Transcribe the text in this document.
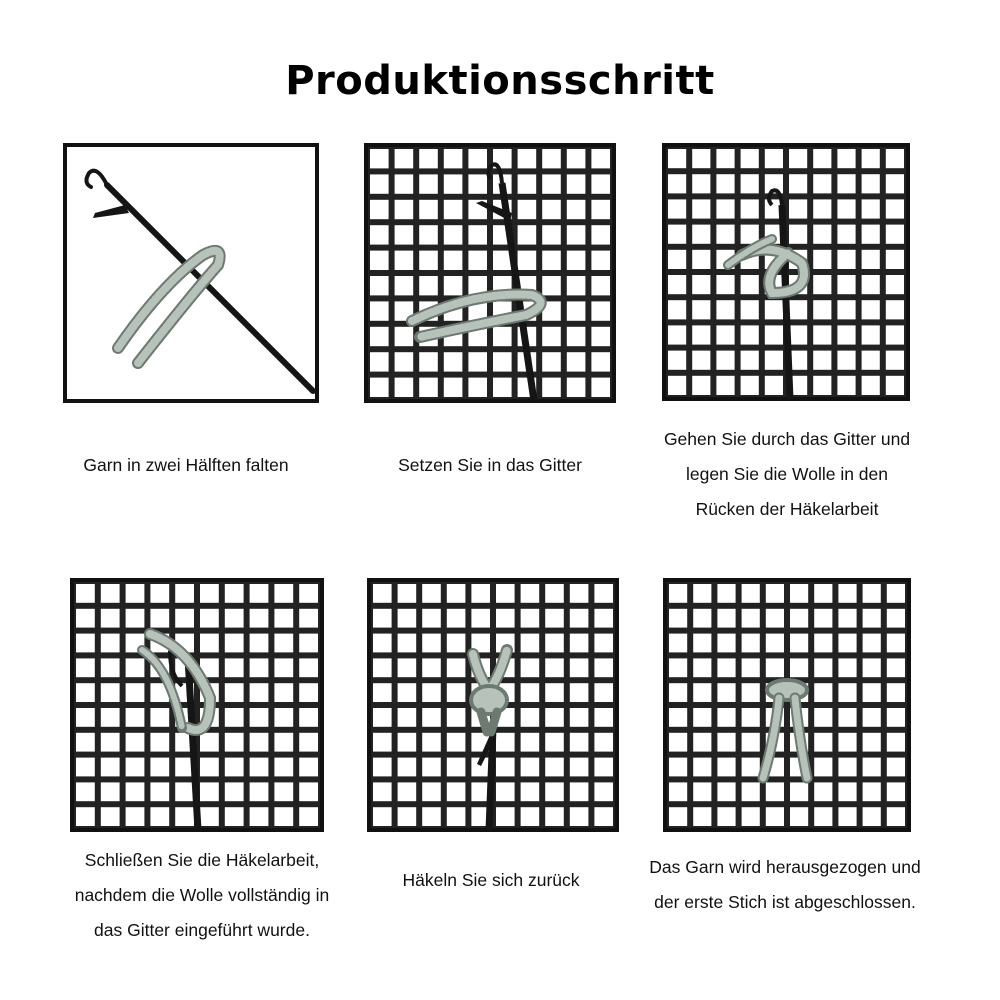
Produktionsschritt
Garn in zwei Hälften falten	Setzen Sie in das Gitter
Gehen Sie durch das Gitter und
legen Sie die Wolle in den
Rücken der Häkelarbeit
Schließen Sie die Häkelarbeit,
nachdem die Wolle vollständig in
das Gitter eingeführt wurde.
Häkeln Sie sich zurück
Das Garn wird herausgezogen und
der erste Stich ist abgeschlossen.
